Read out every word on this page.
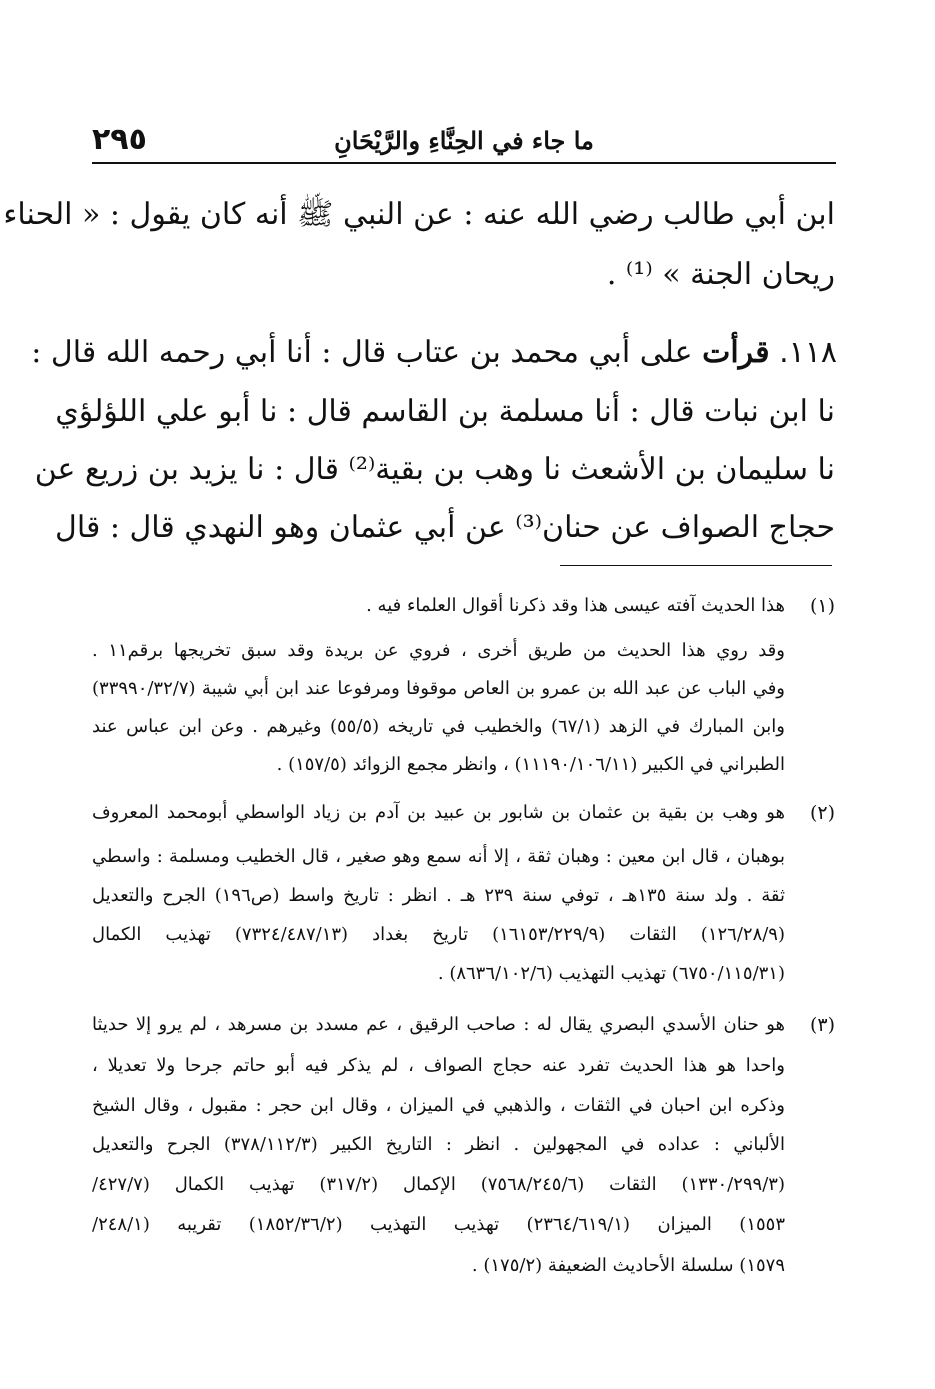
٢٩٥	ما جاء في الحِنَّاءِ والرَّيْحَانِ
ابن أبي طالب رضي الله عنه : عن النبي ﷺ أنه كان يقول : « الحناء
ريحان الجنة » ⁽¹⁾ .
١١٨. قرأت على أبي محمد بن عتاب قال : أنا أبي رحمه الله قال :
نا ابن نبات قال : أنا مسلمة بن القاسم قال : نا أبو علي اللؤلؤي
نا سليمان بن الأشعث نا وهب بن بقية⁽²⁾ قال : نا يزيد بن زريع عن
حجاج الصواف عن حنان⁽³⁾ عن أبي عثمان وهو النهدي قال : قال
(١)
هذا الحديث آفته عيسى هذا وقد ذكرنا أقوال العلماء فيه .
وقد روي هذا الحديث من طريق أخرى ، فروي عن بريدة وقد سبق تخريجها برقم١١ .
وفي الباب عن عبد الله بن عمرو بن العاص موقوفا ومرفوعا عند ابن أبي شيبة (٣٣٩٩٠/٣٢/٧)
وابن المبارك في الزهد (٦٧/١) والخطيب في تاريخه (٥٥/٥) وغيرهم . وعن ابن عباس عند
الطبراني في الكبير (١١١٩٠/١٠٦/١١) ، وانظر مجمع الزوائد (١٥٧/٥) .
(٢)
هو وهب بن بقية بن عثمان بن شابور بن عبيد بن آدم بن زياد الواسطي أبومحمد المعروف
بوهبان ، قال ابن معين : وهبان ثقة ، إلا أنه سمع وهو صغير ، قال الخطيب ومسلمة : واسطي
ثقة . ولد سنة ١٣٥هـ ، توفي سنة ٢٣٩ هـ . انظر : تاريخ واسط (ص١٩٦) الجرح والتعديل
(١٢٦/٢٨/٩) الثقات (١٦١٥٣/٢٢٩/٩) تاريخ بغداد (٧٣٢٤/٤٨٧/١٣) تهذيب الكمال
(٦٧٥٠/١١٥/٣١) تهذيب التهذيب (٨٦٣٦/١٠٢/٦) .
(٣)
هو حنان الأسدي البصري يقال له : صاحب الرقيق ، عم مسدد بن مسرهد ، لم يرو إلا حديثا
واحدا هو هذا الحديث تفرد عنه حجاج الصواف ، لم يذكر فيه أبو حاتم جرحا ولا تعديلا ،
وذكره ابن احبان في الثقات ، والذهبي في الميزان ، وقال ابن حجر : مقبول ، وقال الشيخ
الألباني : عداده في المجهولين . انظر : التاريخ الكبير (٣٧٨/١١٢/٣) الجرح والتعديل
(١٣٣٠/٢٩٩/٣) الثقات (٧٥٦٨/٢٤٥/٦) الإكمال (٣١٧/٢) تهذيب الكمال (٤٢٧/٧/
١٥٥٣) الميزان (٢٣٦٤/٦١٩/١) تهذيب التهذيب (١٨٥٢/٣٦/٢) تقريبه (٢٤٨/١/
١٥٧٩) سلسلة الأحاديث الضعيفة (١٧٥/٢) .
